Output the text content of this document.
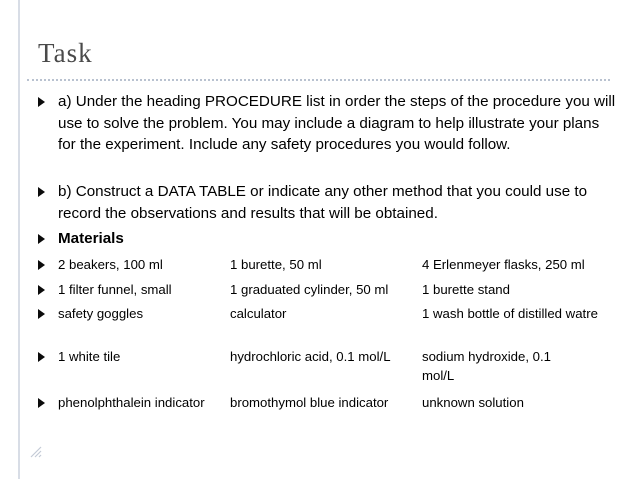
Task
a) Under the heading PROCEDURE list in order the steps of the procedure you will use to solve the problem. You may include a diagram to help illustrate your plans for the experiment. Include any safety procedures you would follow.
b) Construct a DATA TABLE or indicate any other method that you could use to record the observations and results that will be obtained.
Materials
2 beakers, 100 ml	1 burette, 50 ml	4 Erlenmeyer flasks, 250 ml
1 filter funnel, small	1 graduated cylinder, 50 ml	1 burette stand
safety goggles	calculator	1 wash bottle of distilled watre
1 white tile	hydrochloric acid, 0.1 mol/L	sodium hydroxide, 0.1 mol/L
phenolphthalein indicator	bromothymol blue indicator	unknown solution
